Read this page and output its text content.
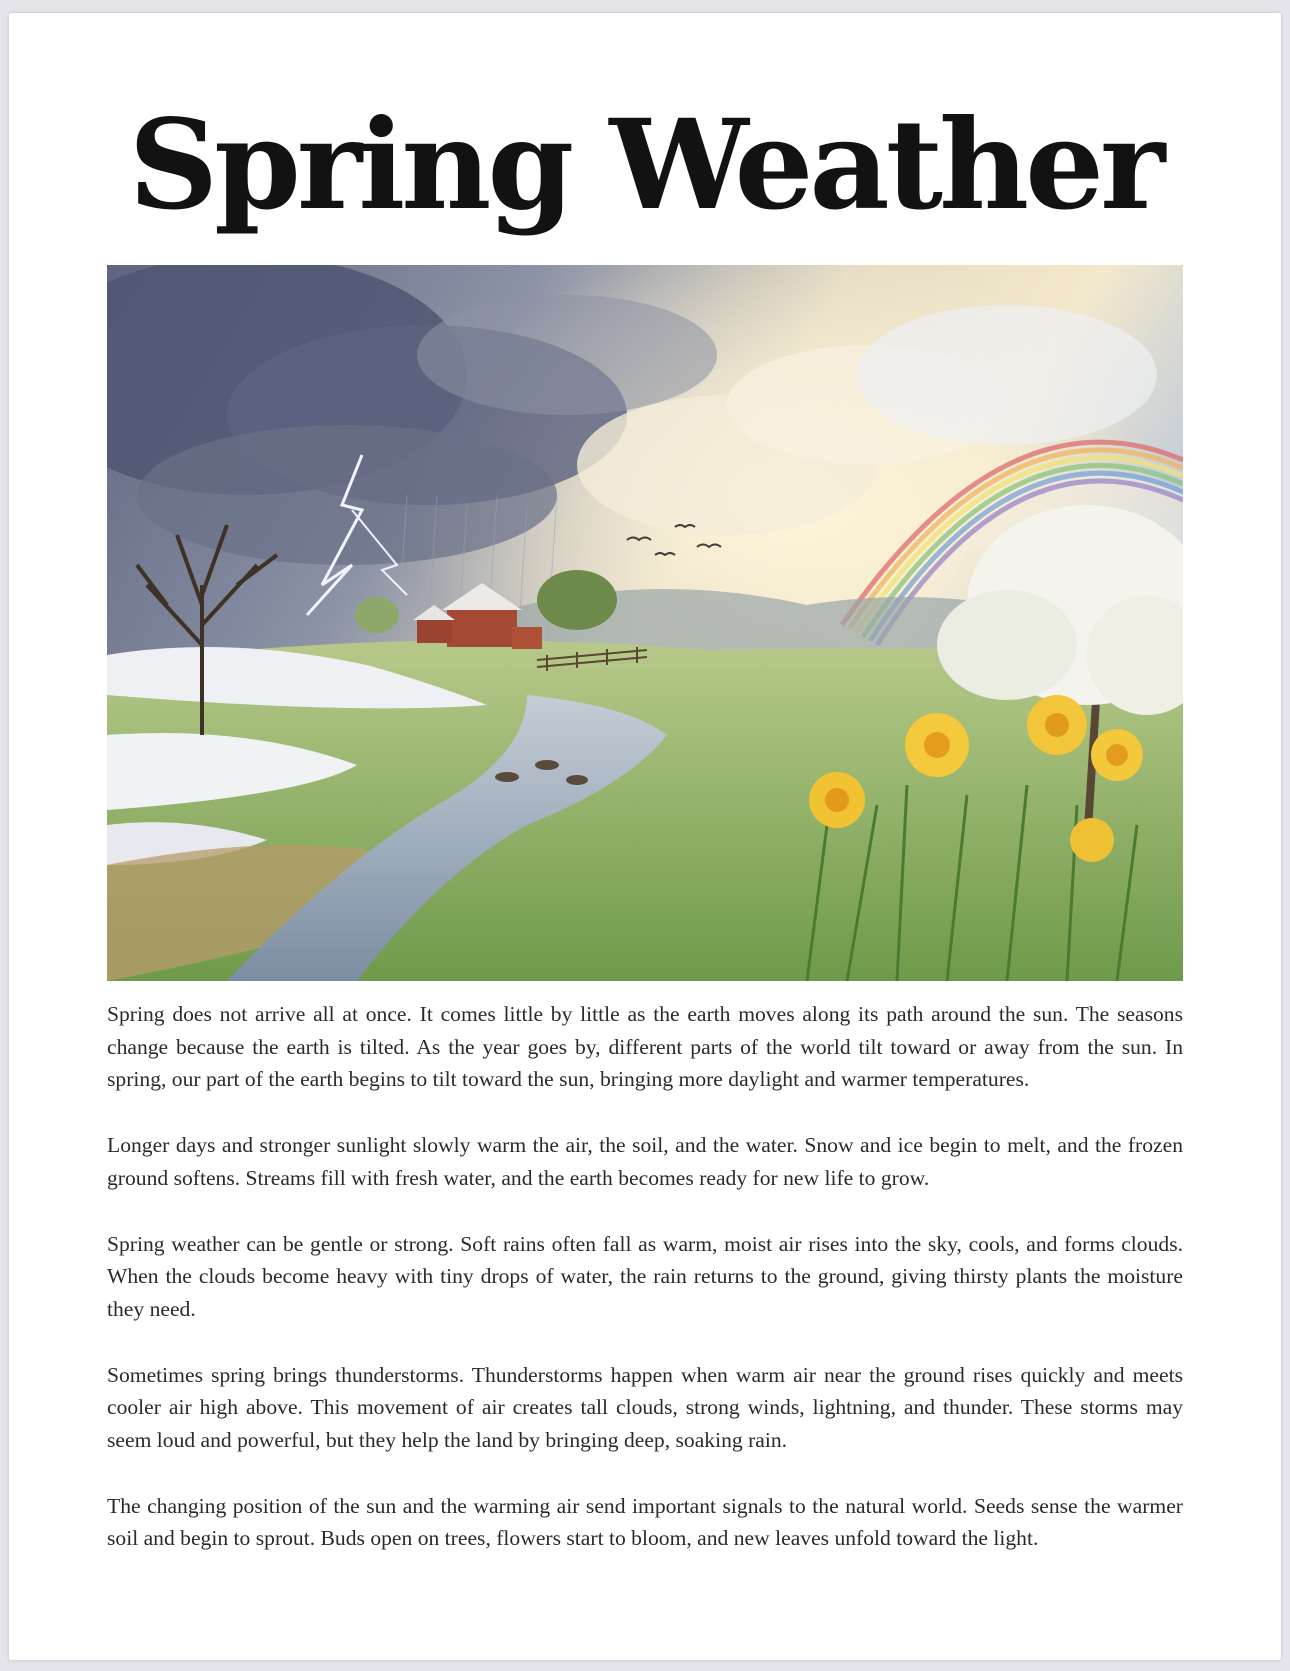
Spring Weather

Spring does not arrive all at once. It comes little by little as the earth moves along its path around the sun. The seasons change because the earth is tilted. As the year goes by, different parts of the world tilt toward or away from the sun. In spring, our part of the earth begins to tilt toward the sun, bringing more daylight and warmer temperatures.

Longer days and stronger sunlight slowly warm the air, the soil, and the water. Snow and ice begin to melt, and the frozen ground softens. Streams fill with fresh water, and the earth becomes ready for new life to grow.

Spring weather can be gentle or strong. Soft rains often fall as warm, moist air rises into the sky, cools, and forms clouds. When the clouds become heavy with tiny drops of water, the rain returns to the ground, giving thirsty plants the moisture they need.

Sometimes spring brings thunderstorms. Thunderstorms happen when warm air near the ground rises quickly and meets cooler air high above. This movement of air creates tall clouds, strong winds, lightning, and thunder. These storms may seem loud and powerful, but they help the land by bringing deep, soaking rain.

The changing position of the sun and the warming air send important signals to the natural world. Seeds sense the warmer soil and begin to sprout. Buds open on trees, flowers start to bloom, and new leaves unfold toward the light.
